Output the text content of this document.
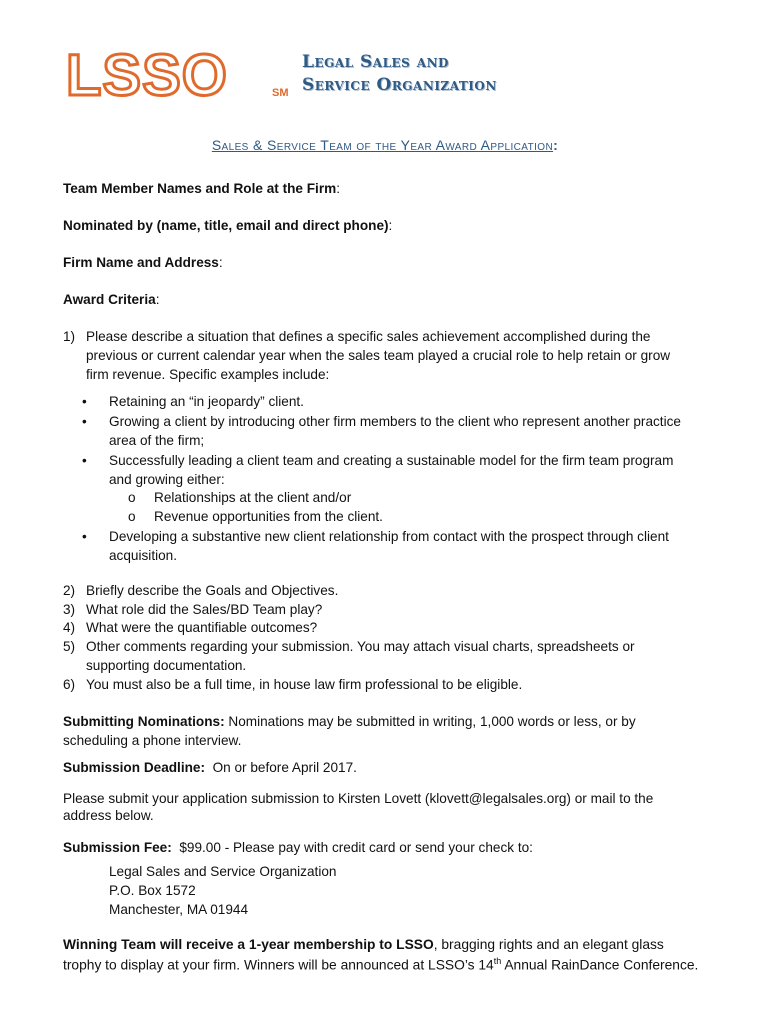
LSSO	SM
Legal Sales and
Service Organization
Sales & Service Team of the Year Award Application:
Team Member Names and Role at the Firm:
Nominated by (name, title, email and direct phone):
Firm Name and Address:
Award Criteria:
1) Please describe a situation that defines a specific sales achievement accomplished during the
previous or current calendar year when the sales team played a crucial role to help retain or grow
firm revenue. Specific examples include:
• Retaining an “in jeopardy” client.
• Growing a client by introducing other firm members to the client who represent another practice
area of the firm;
• Successfully leading a client team and creating a sustainable model for the firm team program
and growing either:
o Relationships at the client and/or
o Revenue opportunities from the client.
• Developing a substantive new client relationship from contact with the prospect through client
acquisition.
2) Briefly describe the Goals and Objectives.
3) What role did the Sales/BD Team play?
4) What were the quantifiable outcomes?
5) Other comments regarding your submission. You may attach visual charts, spreadsheets or
supporting documentation.
6) You must also be a full time, in house law firm professional to be eligible.
Submitting Nominations: Nominations may be submitted in writing, 1,000 words or less, or by
scheduling a phone interview.
Submission Deadline:  On or before April 2017.
Please submit your application submission to Kirsten Lovett (klovett@legalsales.org) or mail to the
address below.
Submission Fee:  $99.00 - Please pay with credit card or send your check to:
Legal Sales and Service Organization
P.O. Box 1572
Manchester, MA 01944
Winning Team will receive a 1-year membership to LSSO, bragging rights and an elegant glass
trophy to display at your firm. Winners will be announced at LSSO’s 14th Annual RainDance Conference.
